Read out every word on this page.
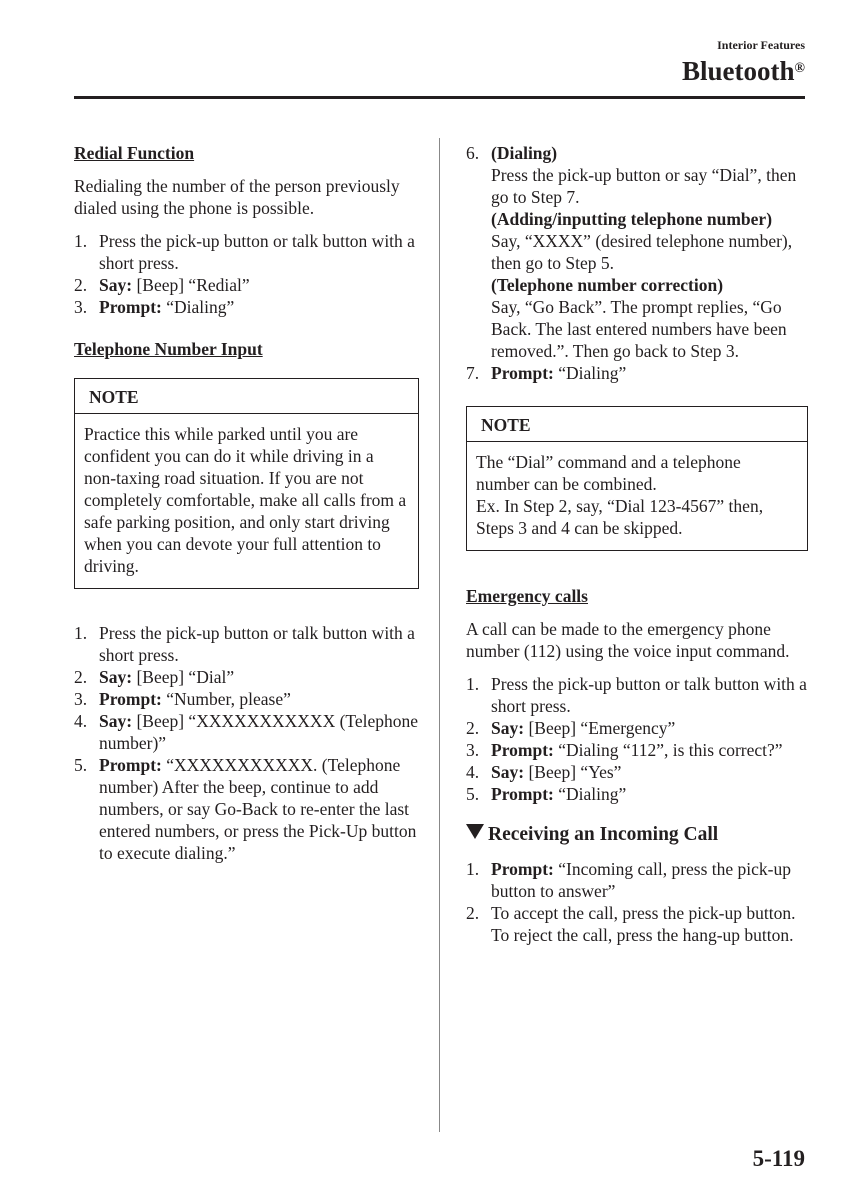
Interior Features
Bluetooth®
Redial Function

Redialing the number of the person previously dialed using the phone is possible.

1. Press the pick-up button or talk button with a short press.
2. Say: [Beep] “Redial”
3. Prompt: “Dialing”
Telephone Number Input
NOTE
Practice this while parked until you are confident you can do it while driving in a non-taxing road situation. If you are not completely comfortable, make all calls from a safe parking position, and only start driving when you can devote your full attention to driving.
1. Press the pick-up button or talk button with a short press.
2. Say: [Beep] “Dial”
3. Prompt: “Number, please”
4. Say: [Beep] “XXXXXXXXXXX (Telephone number)”
5. Prompt: “XXXXXXXXXXX. (Telephone number) After the beep, continue to add numbers, or say Go-Back to re-enter the last entered numbers, or press the Pick-Up button to execute dialing.”
6. (Dialing)
Press the pick-up button or say “Dial”, then go to Step 7.
(Adding/inputting telephone number)
Say, “XXXX” (desired telephone number), then go to Step 5.
(Telephone number correction)
Say, “Go Back”. The prompt replies, “Go Back. The last entered numbers have been removed.”. Then go back to Step 3.
7. Prompt: “Dialing”
NOTE
The “Dial” command and a telephone number can be combined.
Ex. In Step 2, say, “Dial 123-4567” then, Steps 3 and 4 can be skipped.
Emergency calls

A call can be made to the emergency phone number (112) using the voice input command.

1. Press the pick-up button or talk button with a short press.
2. Say: [Beep] “Emergency”
3. Prompt: “Dialing “112”, is this correct?”
4. Say: [Beep] “Yes”
5. Prompt: “Dialing”
Receiving an Incoming Call
1. Prompt: “Incoming call, press the pick-up button to answer”
2. To accept the call, press the pick-up button.
To reject the call, press the hang-up button.
5-119
